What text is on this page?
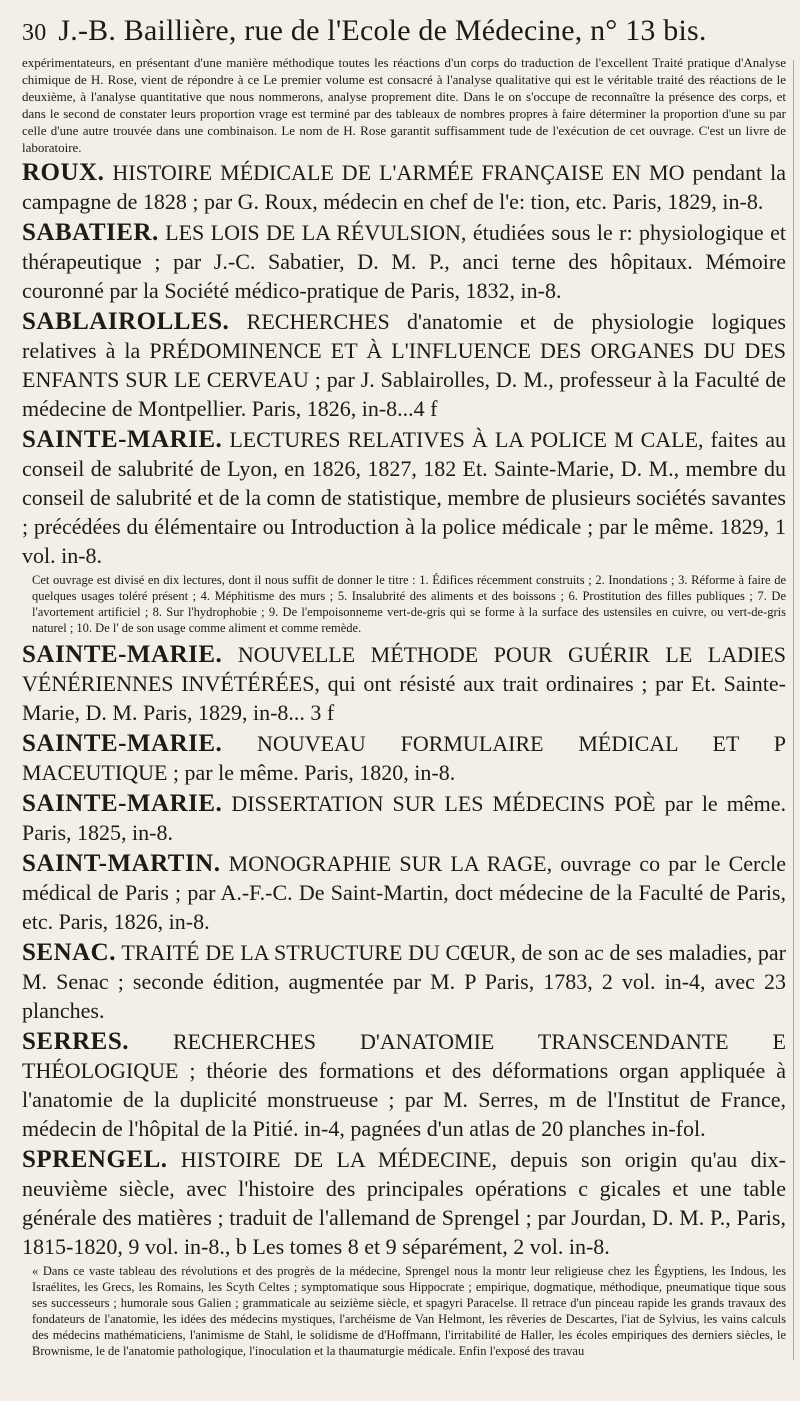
30 J.-B. Baillière, rue de l'Ecole de Médecine, n° 13 bis.

expérimentateurs, en présentant d'une manière méthodique toutes les réactions d'un corps do traduction de l'excellent Traité pratique d'Analyse chimique de H. Rose, vient de répondre à ce Le premier volume est consacré à l'analyse qualitative qui est le véritable traité des réactions de le deuxième, à l'analyse quantitative que nous nommerons, analyse proprement dite. Dans le on s'occupe de reconnaître la présence des corps, et dans le second de constater leurs proportion vrage est terminé par des tableaux de nombres propres à faire déterminer la proportion d'une su par celle d'une autre trouvée dans une combinaison. Le nom de H. Rose garantit suffisamment tude de l'exécution de cet ouvrage. C'est un livre de laboratoire.

ROUX. HISTOIRE MÉDICALE DE L'ARMÉE FRANÇAISE EN MO pendant la campagne de 1828 ; par G. Roux, médecin en chef de l'e: tion, etc. Paris, 1829, in-8.
SABATIER. LES LOIS DE LA RÉVULSION, étudiées sous le r: physiologique et thérapeutique ; par J.-C. Sabatier, D. M. P., anci terne des hôpitaux. Mémoire couronné par la Société médico-pratique de Paris, 1832, in-8.
SABLAIROLLES. RECHERCHES d'anatomie et de physiologie logiques relatives à la PRÉDOMINENCE ET À L'INFLUENCE DES ORGANES DU DES ENFANTS SUR LE CERVEAU ; par J. Sablairolles, D. M., professeur à la Faculté de médecine de Montpellier. Paris, 1826, in-8...4 f
SAINTE-MARIE. LECTURES RELATIVES À LA POLICE M CALE, faites au conseil de salubrité de Lyon, en 1826, 1827, 182 Et. Sainte-Marie, D. M., membre du conseil de salubrité et de la comn de statistique, membre de plusieurs sociétés savantes ; précédées du élémentaire ou Introduction à la police médicale ; par le même. 1829, 1 vol. in-8.
Cet ouvrage est divisé en dix lectures, dont il nous suffit de donner le titre : 1. Édifices récemment construits ; 2. Inondations ; 3. Réforme à faire de quelques usages toléré présent ; 4. Méphitisme des murs ; 5. Insalubrité des aliments et des boissons ; 6. Prostitution des filles publiques ; 7. De l'avortement artificiel ; 8. Sur l'hydrophobie ; 9. De l'empoisonneme vert-de-gris qui se forme à la surface des ustensiles en cuivre, ou vert-de-gris naturel ; 10. De l' de son usage comme aliment et comme remède.
SAINTE-MARIE. NOUVELLE MÉTHODE POUR GUÉRIR LE LADIES VÉNÉRIENNES INVÉTÉRÉES, qui ont résisté aux trait ordinaires ; par Et. Sainte-Marie, D. M. Paris, 1829, in-8... 3 f
SAINTE-MARIE. NOUVEAU FORMULAIRE MÉDICAL ET P MACEUTIQUE ; par le même. Paris, 1820, in-8.
SAINTE-MARIE. DISSERTATION SUR LES MÉDECINS POÈ par le même. Paris, 1825, in-8.
SAINT-MARTIN. MONOGRAPHIE SUR LA RAGE, ouvrage co par le Cercle médical de Paris ; par A.-F.-C. De Saint-Martin, doct médecine de la Faculté de Paris, etc. Paris, 1826, in-8.
SENAC. TRAITÉ DE LA STRUCTURE DU CŒUR, de son ac de ses maladies, par M. Senac ; seconde édition, augmentée par M. P Paris, 1783, 2 vol. in-4, avec 23 planches.
SERRES. RECHERCHES D'ANATOMIE TRANSCENDANTE E THÉOLOGIQUE ; théorie des formations et des déformations organ appliquée à l'anatomie de la duplicité monstrueuse ; par M. Serres, m de l'Institut de France, médecin de l'hôpital de la Pitié. in-4, pagnées d'un atlas de 20 planches in-fol.
SPRENGEL. HISTOIRE DE LA MÉDECINE, depuis son origin qu'au dix-neuvième siècle, avec l'histoire des principales opérations c gicales et une table générale des matières ; traduit de l'allemand de Sprengel ; par Jourdan, D. M. P., Paris, 1815-1820, 9 vol. in-8., b Les tomes 8 et 9 séparément, 2 vol. in-8.
« Dans ce vaste tableau des révolutions et des progrès de la médecine, Sprengel nous la montr leur religieuse chez les Égyptiens, les Indous, les Israélites, les Grecs, les Romains, les Scyth Celtes ; symptomatique sous Hippocrate ; empirique, dogmatique, méthodique, pneumatique tique sous ses successeurs ; humorale sous Galien ; grammaticale au seizième siècle, et spagyri Paracelse. Il retrace d'un pinceau rapide les grands travaux des fondateurs de l'anatomie, les idées des médecins mystiques, l'archéisme de Van Helmont, les rêveries de Descartes, l'iat de Sylvius, les vains calculs des médecins mathématiciens, l'animisme de Stahl, le solidisme de d'Hoffmann, l'irritabilité de Haller, les écoles empiriques des derniers siècles, le Brownisme, le de l'anatomie pathologique, l'inoculation et la thaumaturgie médicale. Enfin l'exposé des travau
